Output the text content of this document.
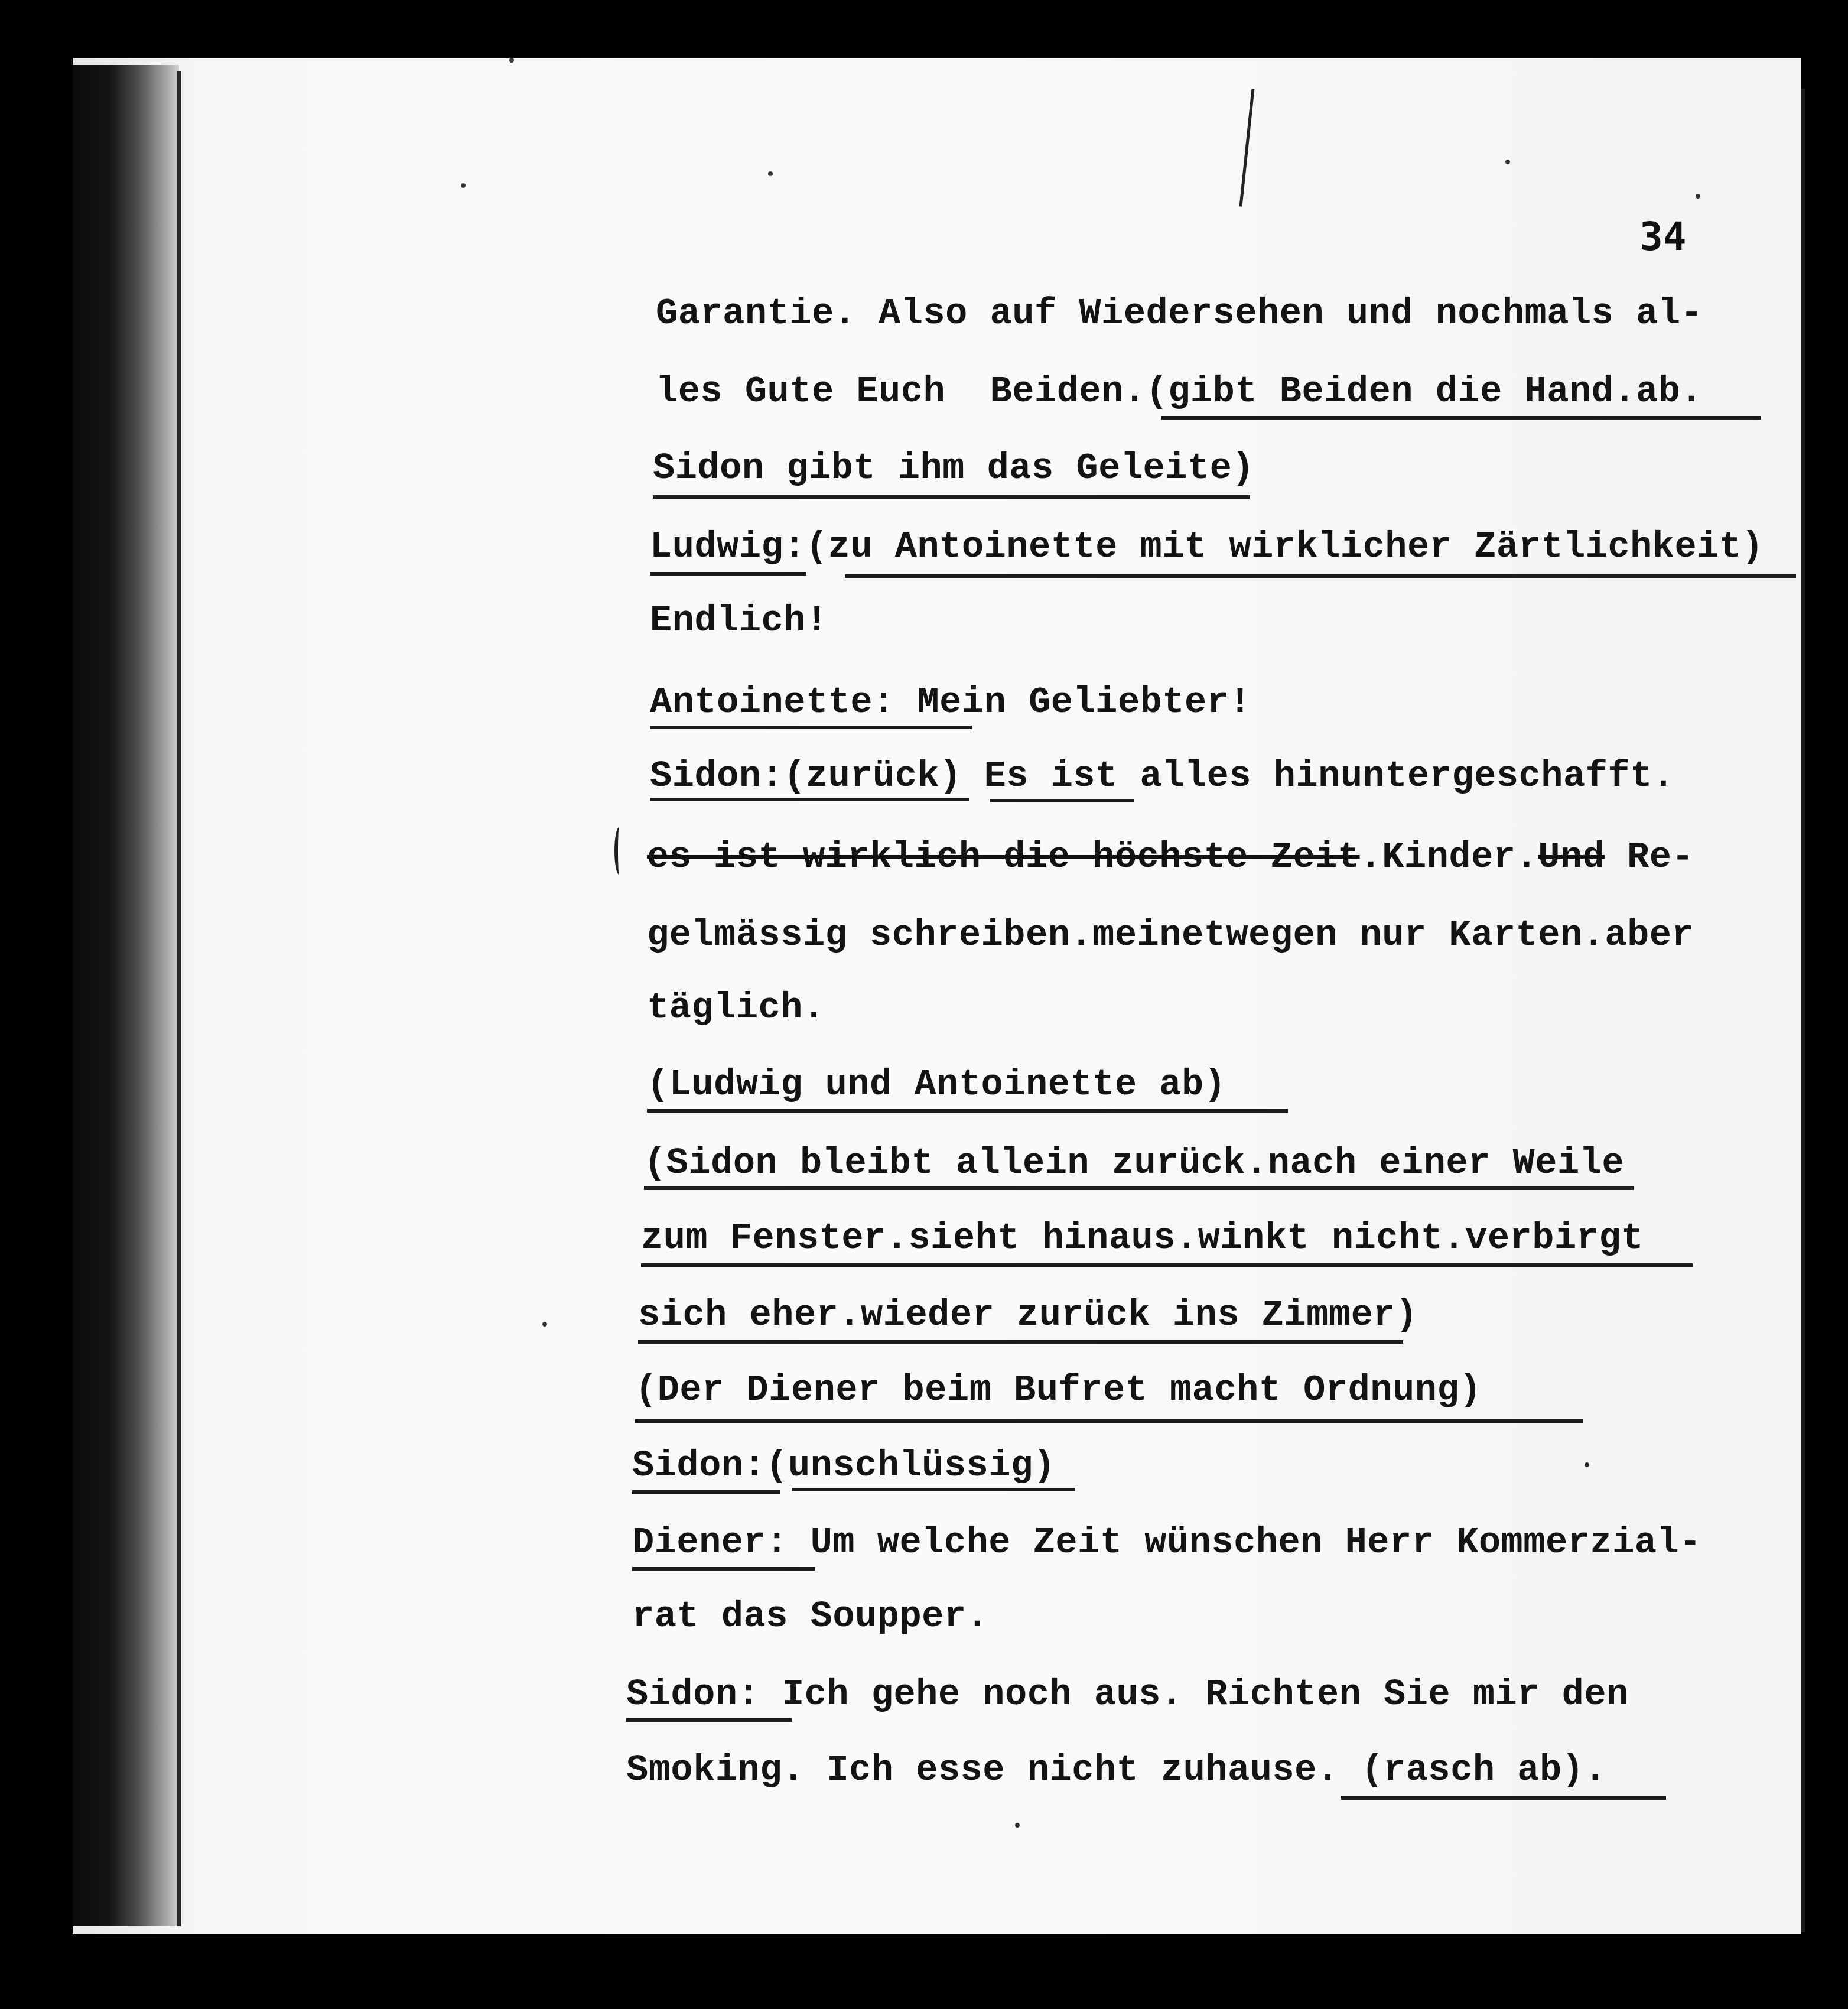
34
Garantie. Also auf Wiedersehen und nochmals al-
les Gute Euch  Beiden.(gibt Beiden die Hand.ab.
Sidon gibt ihm das Geleite)
Ludwig:(zu Antoinette mit wirklicher Zärtlichkeit)
Endlich!
Antoinette: Mein Geliebter!
Sidon:(zurück) Es ist alles hinuntergeschafft.
es ist wirklich die höchste Zeit.Kinder.Und Re-
gelmässig schreiben.meinetwegen nur Karten.aber
täglich.
(Ludwig und Antoinette ab)
(Sidon bleibt allein zurück.nach einer Weile
zum Fenster.sieht hinaus.winkt nicht.verbirgt
sich eher.wieder zurück ins Zimmer)
(Der Diener beim Bufret macht Ordnung)
Sidon:(unschlüssig)
Diener: Um welche Zeit wünschen Herr Kommerzial-
rat das Soupper.
Sidon: Ich gehe noch aus. Richten Sie mir den
Smoking. Ich esse nicht zuhause. (rasch ab).
